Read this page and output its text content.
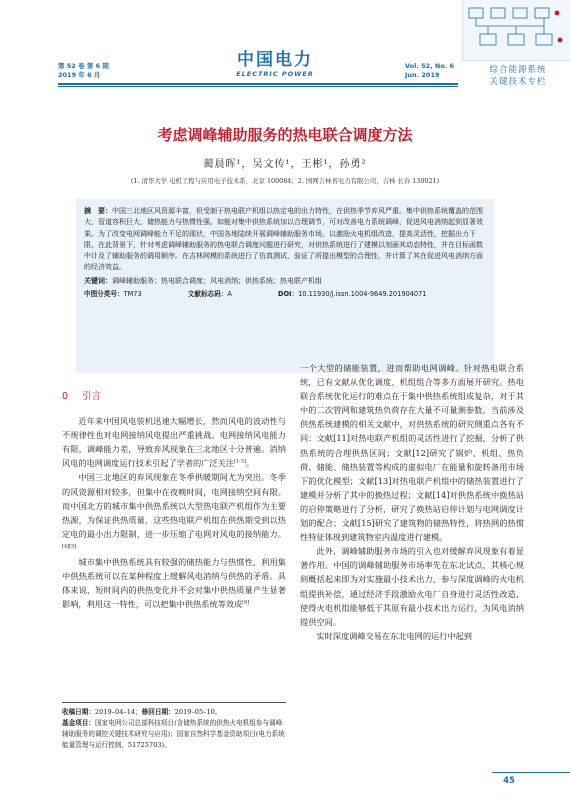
第 52 卷 第 6 期
2019 年 6 月
中国电力
ELECTRIC POWER
Vol. 52, No. 6
Jun. 2019	综合能源系统
关键技术专栏
考虑调峰辅助服务的热电联合调度方法
蔺晨晖¹，吴文传¹，王彬¹，孙勇²
(1. 清华大学 电机工程与应用电子技术系，北京 100084；2. 国网吉林省电力有限公司，吉林 长春 130021)
摘　要：中国三北地区风资源丰富，但受制于热电联产机组以热定电的出力特性，在供热季节弃风严重。集中供热系统覆盖的范围大，管道容积巨大，储热能力与热惯性强。如能对集中供热系统加以合理调节，可对改善电力系统调峰，促进风电消纳起到显著效果。为了改变电网调峰能力不足的现状，中国各地陆续开展调峰辅助服务市场，以激励火电机组改造，提高灵活性，挖掘出力下限。在此背景下，针对考虑调峰辅助服务的热电联合调度问题进行研究，对供热系统进行了建模以刻画其动态特性，并在目标函数中计及了辅助服务的调用顺序。在吉林网模的系统进行了仿真测试，验证了所提出模型的合理性，并计算了其在促进风电消纳方面的经济效益。
关键词：调峰辅助服务；热电联合调度；风电消纳；供热系统；热电联产机组
中图分类号：TM73	文献标志码：A	DOI：10.11930/j.issn.1004-9649.201904071
0 引言

近年来中国风电装机迅速大幅增长，然而风电的波动性与不规律性也对电网接纳风电提出严重挑战。电网接纳风电能力有限，调峰能力差，导致弃风现象在三北地区十分普遍。消纳风电的电网调度运行技术引起了学者的广泛关注[1-3]。

中国三北地区的弃风现象在冬季供暖期间尤为突出。冬季的风资源相对较多，但集中在夜晚时间，电网接纳空间有限。而中国北方的城市集中供热系统以大型热电联产机组作为主要热源，为保证供热质量，这些热电联产机组在供热期受到以热定电的最小出力限制，进一步压缩了电网对风电的接纳能力。[4][5]

城市集中供热系统具有较强的储热能力与热惯性，利用集中供热系统可以在某种程度上缓解风电消纳与供热的矛盾。具体来说，短时间内的供热变化并不会对集中供热质量产生显著影响，利用这一特性，可以把集中供热系统等效成[6]

一个大型的储能装置，进而帮助电网调峰。针对热电联合系统，已有文献从优化调度、机组组合等多方面展开研究。热电联合系统优化运行的难点在于集中供热系统组成复杂，对于其中的二次管网和建筑热负荷存在大量不可量测参数。当前涉及供热系统建模的相关文献中，对供热系统的研究侧重点各有不同：文献[11]对热电联产机组的灵活性进行了挖掘，分析了供热系统的合理供热区间；文献[12]研究了锅炉、机组、热负荷、储能、储热装置等构成的虚拟电厂在能量和旋转备用市场下的优化模型；文献[13]对热电联产机组中的储热装置进行了建模并分析了其中的换热过程；文献[14]对供热系统中换热站的启停策略进行了分析，研究了换热站启停计划与电网调度计划的配合；文献[15]研究了建筑物的储热特性，将热网的热惯性特征体现到建筑物室内温度进行建模。

此外，调峰辅助服务市场的引入也对缓解弃风现象有着显著作用。中国的调峰辅助服务市场率先在东北试点，其核心规则概括起来即为对实施最小技术出力、参与深度调峰的火电机组提供补偿，通过经济手段激励火电厂自身进行灵活性改造，使得火电机组能够低于其原有最小技术出力运行，为风电消纳提供空间。

实时深度调峰交易在东北电网的运行中起到

收稿日期：2019–04–14；修回日期：2019–05–10。
基金项目：国家电网公司总部科技项目(含储热系统的供热火电机组参与调峰辅助服务的调控关键技术研究与应用)；国家自然科学基金资助项目(电力系统能量管理与运行控制，51725703)。
45
